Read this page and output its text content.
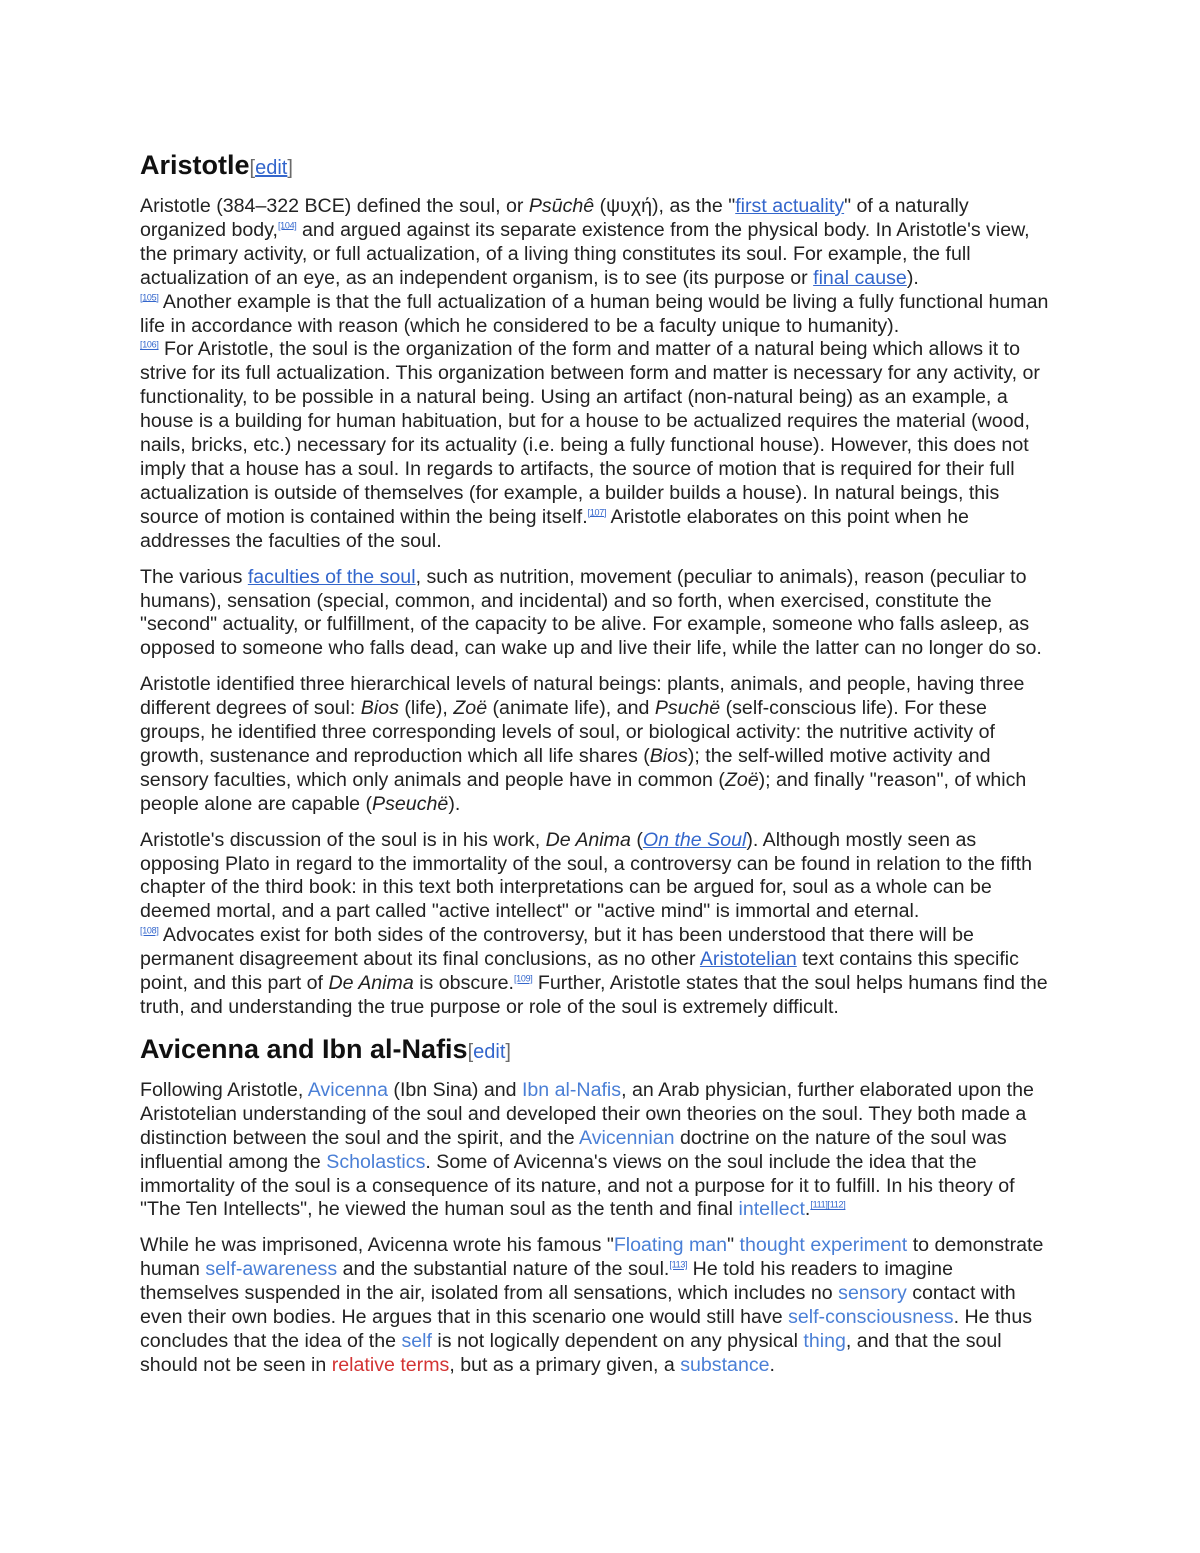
Aristotle[edit]

Aristotle (384–322 BCE) defined the soul, or Psūchê (ψυχή), as the "first actuality" of a naturally organized body,[104] and argued against its separate existence from the physical body. In Aristotle's view, the primary activity, or full actualization, of a living thing constitutes its soul. For example, the full actualization of an eye, as an independent organism, is to see (its purpose or final cause).
[105] Another example is that the full actualization of a human being would be living a fully functional human life in accordance with reason (which he considered to be a faculty unique to humanity).
[106] For Aristotle, the soul is the organization of the form and matter of a natural being which allows it to strive for its full actualization. This organization between form and matter is necessary for any activity, or functionality, to be possible in a natural being. Using an artifact (non-natural being) as an example, a house is a building for human habituation, but for a house to be actualized requires the material (wood, nails, bricks, etc.) necessary for its actuality (i.e. being a fully functional house). However, this does not imply that a house has a soul. In regards to artifacts, the source of motion that is required for their full actualization is outside of themselves (for example, a builder builds a house). In natural beings, this source of motion is contained within the being itself.[107] Aristotle elaborates on this point when he addresses the faculties of the soul.

The various faculties of the soul, such as nutrition, movement (peculiar to animals), reason (peculiar to humans), sensation (special, common, and incidental) and so forth, when exercised, constitute the "second" actuality, or fulfillment, of the capacity to be alive. For example, someone who falls asleep, as opposed to someone who falls dead, can wake up and live their life, while the latter can no longer do so.

Aristotle identified three hierarchical levels of natural beings: plants, animals, and people, having three different degrees of soul: Bios (life), Zoë (animate life), and Psuchë (self-conscious life). For these groups, he identified three corresponding levels of soul, or biological activity: the nutritive activity of growth, sustenance and reproduction which all life shares (Bios); the self-willed motive activity and sensory faculties, which only animals and people have in common (Zoë); and finally "reason", of which people alone are capable (Pseuchë).

Aristotle's discussion of the soul is in his work, De Anima (On the Soul). Although mostly seen as opposing Plato in regard to the immortality of the soul, a controversy can be found in relation to the fifth chapter of the third book: in this text both interpretations can be argued for, soul as a whole can be deemed mortal, and a part called "active intellect" or "active mind" is immortal and eternal.
[108] Advocates exist for both sides of the controversy, but it has been understood that there will be permanent disagreement about its final conclusions, as no other Aristotelian text contains this specific point, and this part of De Anima is obscure.[109] Further, Aristotle states that the soul helps humans find the truth, and understanding the true purpose or role of the soul is extremely difficult.

Avicenna and Ibn al-Nafis[edit]

Following Aristotle, Avicenna (Ibn Sina) and Ibn al-Nafis, an Arab physician, further elaborated upon the Aristotelian understanding of the soul and developed their own theories on the soul. They both made a distinction between the soul and the spirit, and the Avicennian doctrine on the nature of the soul was influential among the Scholastics. Some of Avicenna's views on the soul include the idea that the immortality of the soul is a consequence of its nature, and not a purpose for it to fulfill. In his theory of "The Ten Intellects", he viewed the human soul as the tenth and final intellect.[111][112]

While he was imprisoned, Avicenna wrote his famous "Floating man" thought experiment to demonstrate human self-awareness and the substantial nature of the soul.[113] He told his readers to imagine themselves suspended in the air, isolated from all sensations, which includes no sensory contact with even their own bodies. He argues that in this scenario one would still have self-consciousness. He thus concludes that the idea of the self is not logically dependent on any physical thing, and that the soul should not be seen in relative terms, but as a primary given, a substance.
